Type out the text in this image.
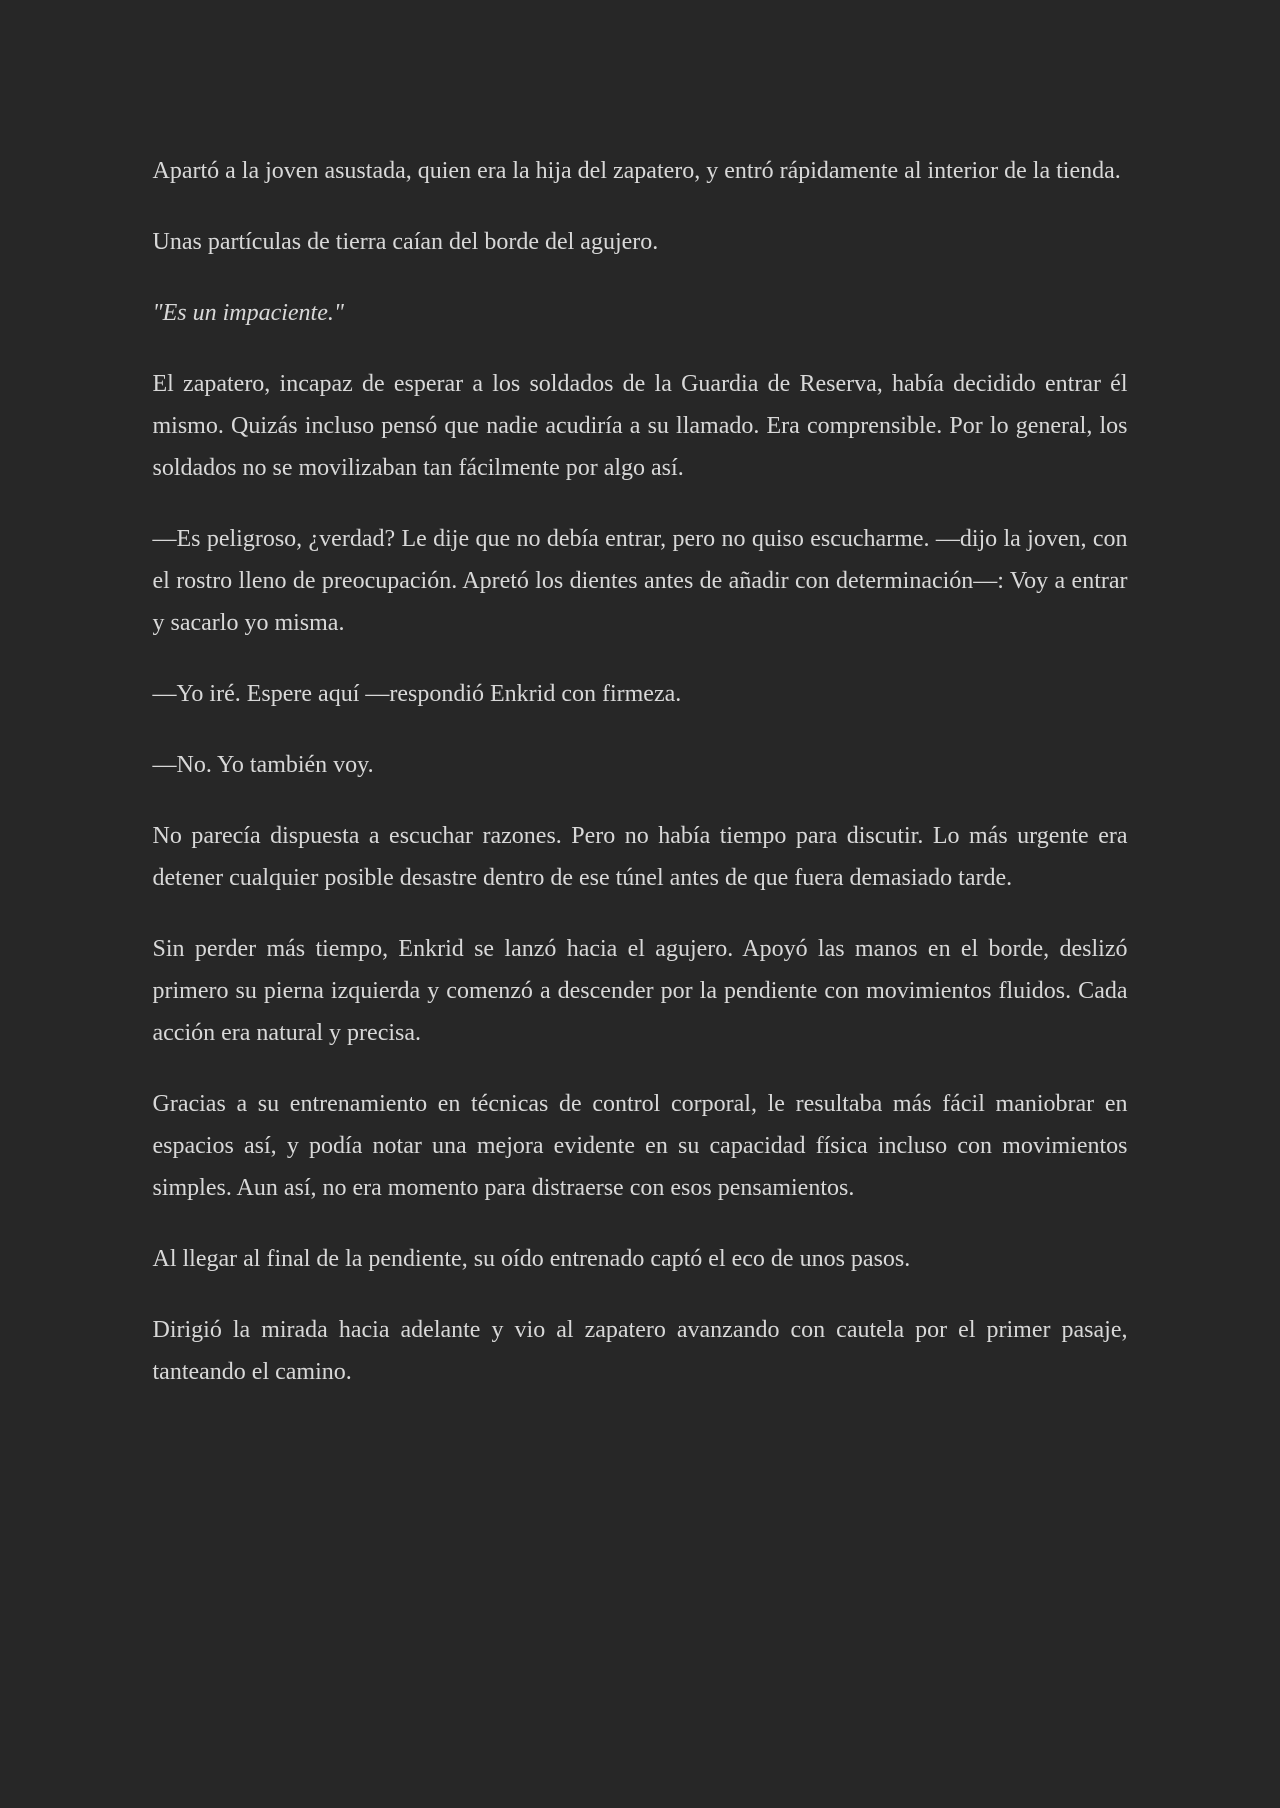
Apartó a la joven asustada, quien era la hija del zapatero, y entró rápidamente al interior de la tienda.

Unas partículas de tierra caían del borde del agujero.

"Es un impaciente."

El zapatero, incapaz de esperar a los soldados de la Guardia de Reserva, había decidido entrar él mismo. Quizás incluso pensó que nadie acudiría a su llamado. Era comprensible. Por lo general, los soldados no se movilizaban tan fácilmente por algo así.

—Es peligroso, ¿verdad? Le dije que no debía entrar, pero no quiso escucharme. —dijo la joven, con el rostro lleno de preocupación. Apretó los dientes antes de añadir con determinación—: Voy a entrar y sacarlo yo misma.

—Yo iré. Espere aquí —respondió Enkrid con firmeza.

—No. Yo también voy.

No parecía dispuesta a escuchar razones. Pero no había tiempo para discutir. Lo más urgente era detener cualquier posible desastre dentro de ese túnel antes de que fuera demasiado tarde.

Sin perder más tiempo, Enkrid se lanzó hacia el agujero. Apoyó las manos en el borde, deslizó primero su pierna izquierda y comenzó a descender por la pendiente con movimientos fluidos. Cada acción era natural y precisa.

Gracias a su entrenamiento en técnicas de control corporal, le resultaba más fácil maniobrar en espacios así, y podía notar una mejora evidente en su capacidad física incluso con movimientos simples. Aun así, no era momento para distraerse con esos pensamientos.

Al llegar al final de la pendiente, su oído entrenado captó el eco de unos pasos.

Dirigió la mirada hacia adelante y vio al zapatero avanzando con cautela por el primer pasaje, tanteando el camino.
